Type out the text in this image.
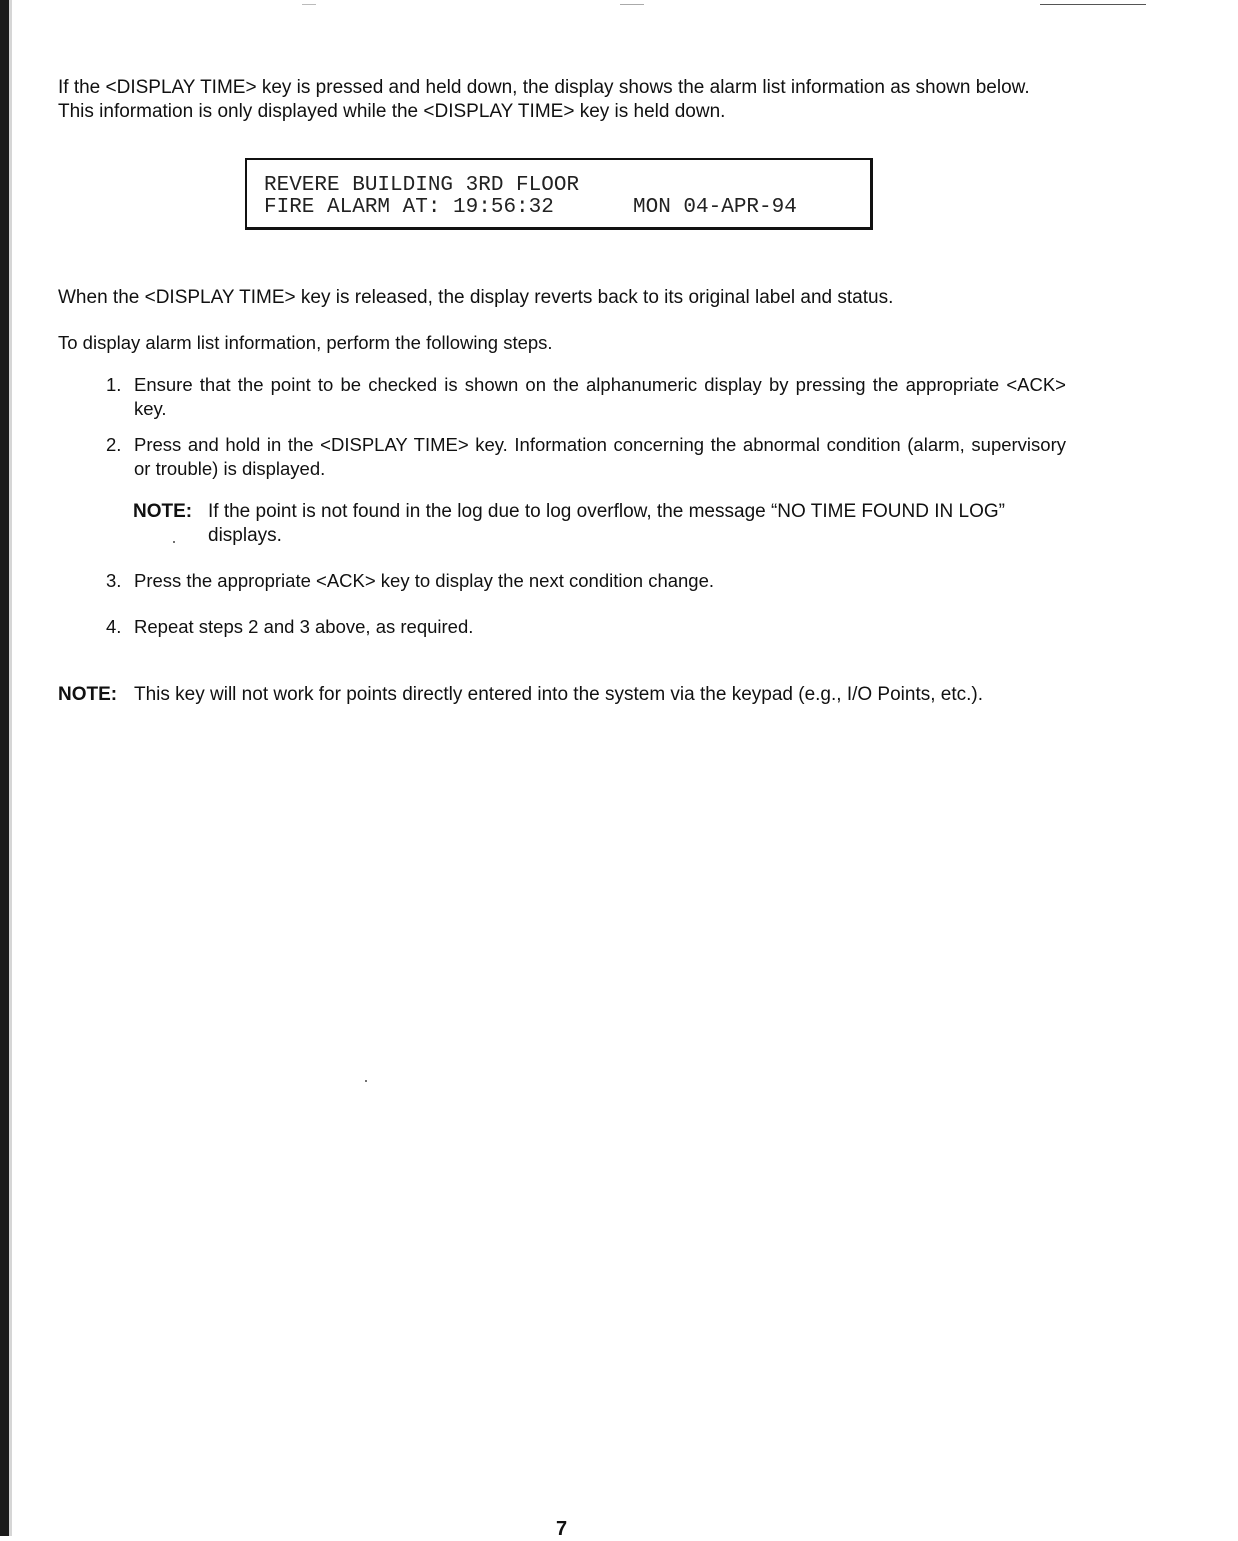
If the <DISPLAY TIME> key is pressed and held down, the display shows the alarm list information as shown below.

This information is only displayed while the <DISPLAY TIME> key is held down.

REVERE BUILDING 3RD FLOOR
FIRE ALARM AT: 19:56:32	MON 04-APR-94

When the <DISPLAY TIME> key is released, the display reverts back to its original label and status.

To display alarm list information, perform the following steps.

1. Ensure that the point to be checked is shown on the alphanumeric display by pressing the appropriate <ACK> key.
2. Press and hold in the <DISPLAY TIME> key. Information concerning the abnormal condition (alarm, supervisory or trouble) is displayed.
NOTE: If the point is not found in the log due to log overflow, the message “NO TIME FOUND IN LOG” displays.
3. Press the appropriate <ACK> key to display the next condition change.
4. Repeat steps 2 and 3 above, as required.
NOTE: This key will not work for points directly entered into the system via the keypad (e.g., I/O Points, etc.).
7
